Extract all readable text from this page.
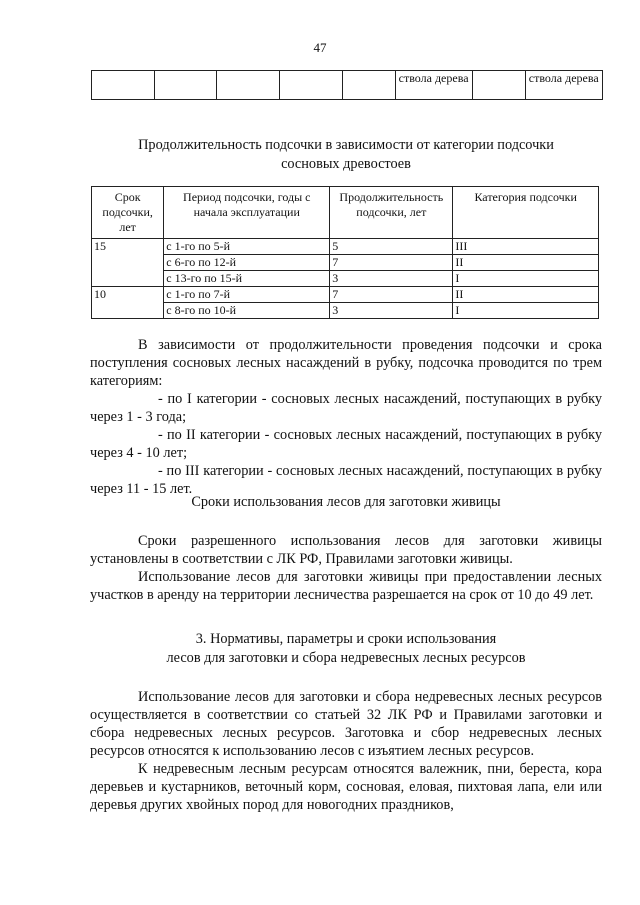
47
					ствола дерева		ствола дерева
Продолжительность подсочки в зависимости от категории подсочки
сосновых древостоев
Срок подсочки, лет	Период подсочки, годы с начала эксплуатации	Продолжительность подсочки, лет	Категория подсочки
15	с 1-го по 5-й	5	III
	с 6-го по 12-й	7	II
	с 13-го по 15-й	3	I
10	с 1-го по 7-й	7	II
	с 8-го по 10-й	3	I

В зависимости от продолжительности проведения подсочки и срока поступления сосновых лесных насаждений в рубку, подсочка проводится по трем категориям:

- по I категории - сосновых лесных насаждений, поступающих в рубку через 1 - 3 года;

- по II категории - сосновых лесных насаждений, поступающих в рубку через 4 - 10 лет;

- по III категории - сосновых лесных насаждений, поступающих в рубку через 11 - 15 лет.

Сроки использования лесов для заготовки живицы

Сроки разрешенного использования лесов для заготовки живицы установлены в соответствии с ЛК РФ, Правилами заготовки живицы.

Использование лесов для заготовки живицы при предоставлении лесных участков в аренду на территории лесничества разрешается на срок от 10 до 49 лет.

3. Нормативы, параметры и сроки использования
лесов для заготовки и сбора недревесных лесных ресурсов

Использование лесов для заготовки и сбора недревесных лесных ресурсов осуществляется в соответствии со статьей 32 ЛК РФ и Правилами заготовки и сбора недревесных лесных ресурсов. Заготовка и сбор недревесных лесных ресурсов относятся к использованию лесов с изъятием лесных ресурсов.

К недревесным лесным ресурсам относятся валежник, пни, береста, кора деревьев и кустарников, веточный корм, сосновая, еловая, пихтовая лапа, ели или деревья других хвойных пород для новогодних праздников,
